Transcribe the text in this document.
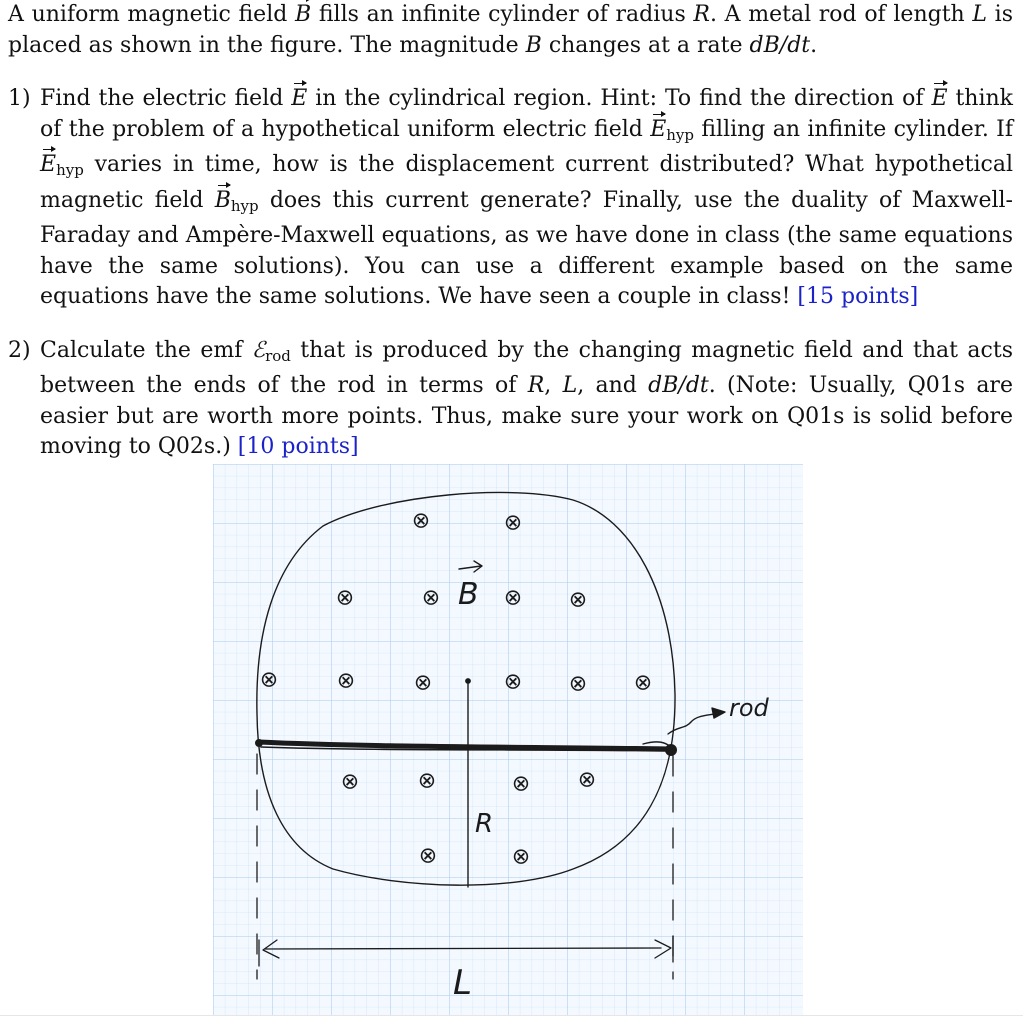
A uniform magnetic field B fills an infinite cylinder of radius R. A metal rod of length L is placed as shown in the figure. The magnitude B changes at a rate dB/dt.

1) Find the electric field E in the cylindrical region. Hint: To find the direction of E think of the problem of a hypothetical uniform electric field $E_{hyp}$ filling an infinite cylinder. If $E_{hyp}$ varies in time, how is the displacement current distributed? What hypothetical magnetic field $B_{hyp}$ does this current generate? Finally, use the duality of Maxwell-Faraday and Ampère-Maxwell equations, as we have done in class (the same equations have the same solutions). You can use a different example based on the same equations have the same solutions. We have seen a couple in class! [15 points]

2) Calculate the emf ℰ$_{rod}$ that is produced by the changing magnetic field and that acts between the ends of the rod in terms of R, L, and dB/dt. (Note: Usually, Q01s are easier but are worth more points. Thus, make sure your work on Q01s is solid before moving to Q02s.) [10 points]

⊗	⊗
⊗	⊗	⊗ ⊗
⊗	⊗	⊗	⊗ ⊗ ⊗
⊗	⊗	⊗ ⊗
⊗	⊗
B
R
L
rod
